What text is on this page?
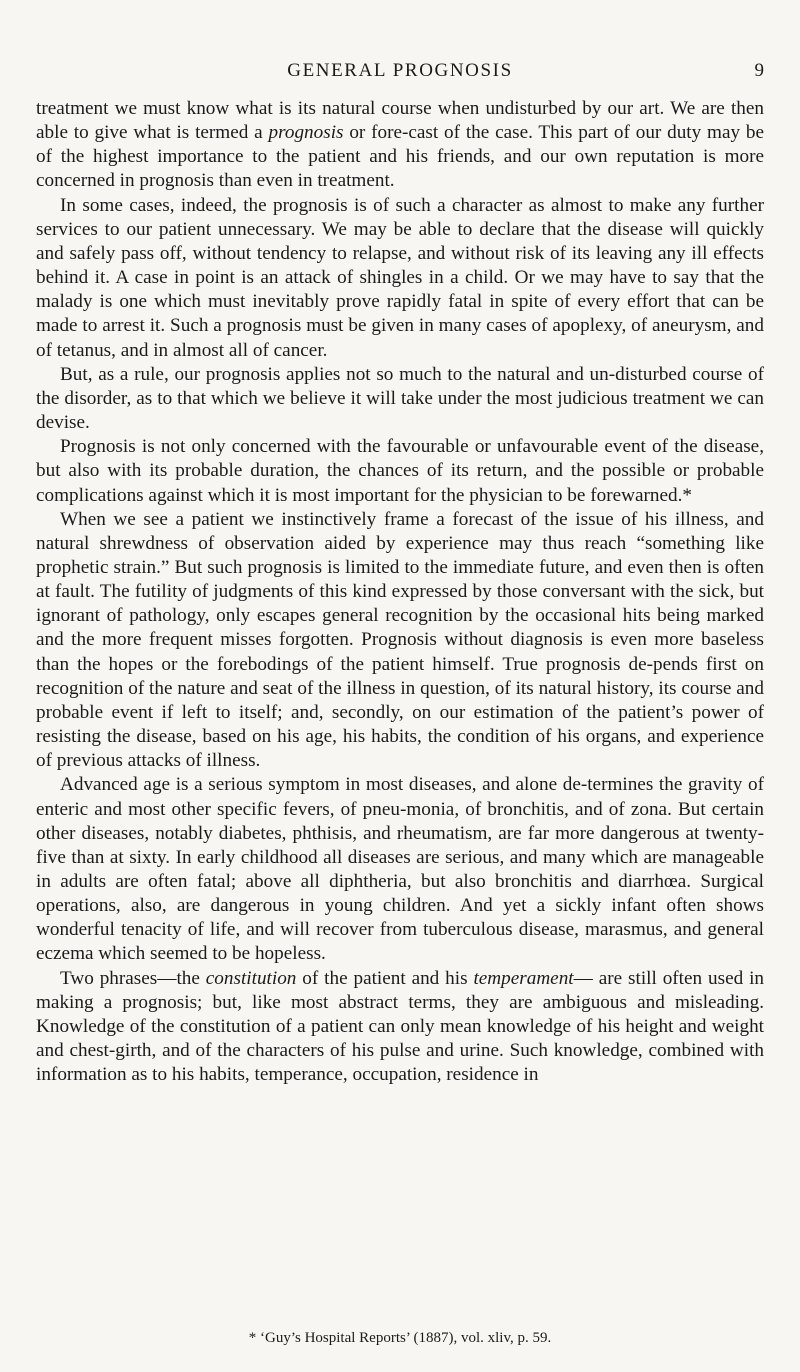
GENERAL PROGNOSIS	9

treatment we must know what is its natural course when undisturbed by our art. We are then able to give what is termed a prognosis or fore-cast of the case. This part of our duty may be of the highest importance to the patient and his friends, and our own reputation is more concerned in prognosis than even in treatment.

In some cases, indeed, the prognosis is of such a character as almost to make any further services to our patient unnecessary. We may be able to declare that the disease will quickly and safely pass off, without tendency to relapse, and without risk of its leaving any ill effects behind it. A case in point is an attack of shingles in a child. Or we may have to say that the malady is one which must inevitably prove rapidly fatal in spite of every effort that can be made to arrest it. Such a prognosis must be given in many cases of apoplexy, of aneurysm, and of tetanus, and in almost all of cancer.

But, as a rule, our prognosis applies not so much to the natural and un-disturbed course of the disorder, as to that which we believe it will take under the most judicious treatment we can devise.

Prognosis is not only concerned with the favourable or unfavourable event of the disease, but also with its probable duration, the chances of its return, and the possible or probable complications against which it is most important for the physician to be forewarned.*

When we see a patient we instinctively frame a forecast of the issue of his illness, and natural shrewdness of observation aided by experience may thus reach “something like prophetic strain.” But such prognosis is limited to the immediate future, and even then is often at fault. The futility of judgments of this kind expressed by those conversant with the sick, but ignorant of pathology, only escapes general recognition by the occasional hits being marked and the more frequent misses forgotten. Prognosis without diagnosis is even more baseless than the hopes or the forebodings of the patient himself. True prognosis de-pends first on recognition of the nature and seat of the illness in question, of its natural history, its course and probable event if left to itself; and, secondly, on our estimation of the patient’s power of resisting the disease, based on his age, his habits, the condition of his organs, and experience of previous attacks of illness.

Advanced age is a serious symptom in most diseases, and alone de-termines the gravity of enteric and most other specific fevers, of pneu-monia, of bronchitis, and of zona. But certain other diseases, notably diabetes, phthisis, and rheumatism, are far more dangerous at twenty-five than at sixty. In early childhood all diseases are serious, and many which are manageable in adults are often fatal; above all diphtheria, but also bronchitis and diarrhœa. Surgical operations, also, are dangerous in young children. And yet a sickly infant often shows wonderful tenacity of life, and will recover from tuberculous disease, marasmus, and general eczema which seemed to be hopeless.

Two phrases—the constitution of the patient and his temperament— are still often used in making a prognosis; but, like most abstract terms, they are ambiguous and misleading. Knowledge of the constitution of a patient can only mean knowledge of his height and weight and chest-girth, and of the characters of his pulse and urine. Such knowledge, combined with information as to his habits, temperance, occupation, residence in

* ‘Guy’s Hospital Reports’ (1887), vol. xliv, p. 59.
